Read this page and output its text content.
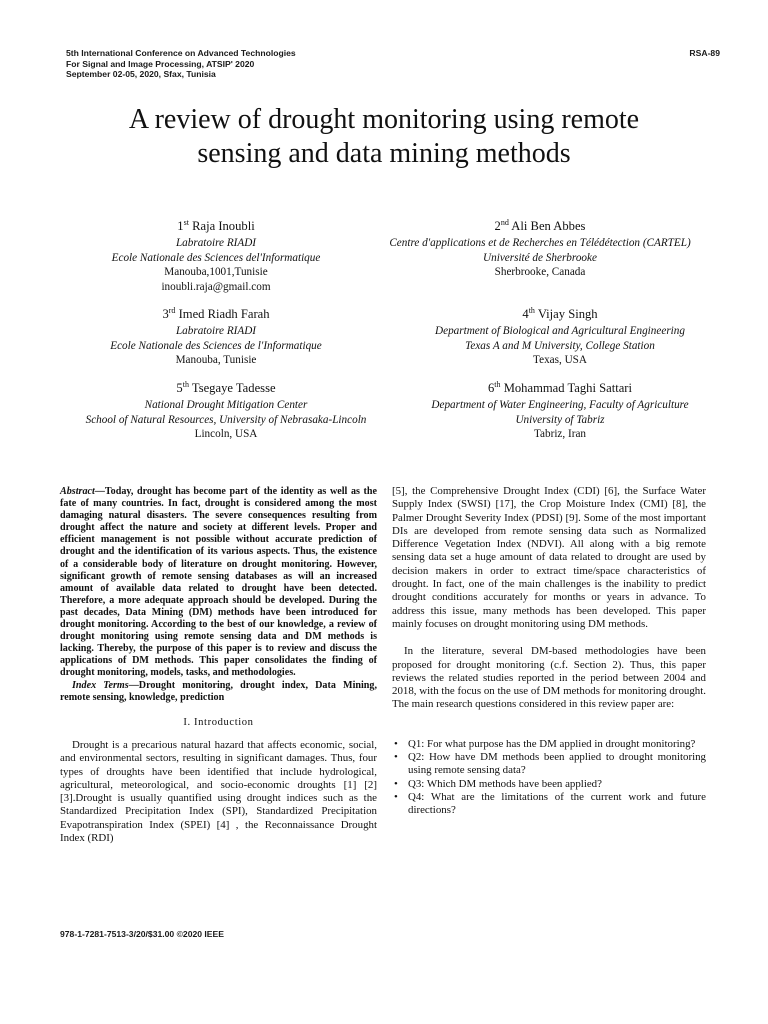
5th International Conference on Advanced Technologies
For Signal and Image Processing, ATSIP' 2020
September 02-05, 2020, Sfax, Tunisia
RSA-89
A review of drought monitoring using remote
sensing and data mining methods
1st Raja Inoubli
Labratoire RIADI
Ecole Nationale des Sciences del'Informatique
Manouba,1001,Tunisie
inoubli.raja@gmail.com
2nd Ali Ben Abbes
Centre d'applications et de Recherches en Télédétection (CARTEL)
Université de Sherbrooke
Sherbrooke, Canada
3rd Imed Riadh Farah
Labratoire RIADI
Ecole Nationale des Sciences de l'Informatique
Manouba, Tunisie
4th Vijay Singh
Department of Biological and Agricultural Engineering
Texas A and M University, College Station
Texas, USA
5th Tsegaye Tadesse
National Drought Mitigation Center
School of Natural Resources, University of Nebrasaka-Lincoln
Lincoln, USA
6th Mohammad Taghi Sattari
Department of Water Engineering, Faculty of Agriculture
University of Tabriz
Tabriz, Iran

Abstract—Today, drought has become part of the identity as well as the fate of many countries. In fact, drought is considered among the most damaging natural disasters. The severe consequences resulting from drought affect the nature and society at different levels. Proper and efficient management is not possible without accurate prediction of drought and the identification of its various aspects. Thus, the existence of a considerable body of literature on drought monitoring. However, significant growth of remote sensing databases as will an increased amount of available data related to drought have been detected. Therefore, a more adequate approach should be developed. During the past decades, Data Mining (DM) methods have been introduced for drought monitoring. According to the best of our knowledge, a review of drought monitoring using remote sensing data and DM methods is lacking. Thereby, the purpose of this paper is to review and discuss the applications of DM methods. This paper consolidates the finding of drought monitoring, models, tasks, and methodologies.

Index Terms—Drought monitoring, drought index, Data Mining, remote sensing, knowledge, prediction

I. Introduction

Drought is a precarious natural hazard that affects economic, social, and environmental sectors, resulting in significant damages. Thus, four types of droughts have been identified that include hydrological, agricultural, meteorological, and socio-economic droughts [1] [2] [3].Drought is usually quantified using drought indices such as the Standardized Precipitation Index (SPI), Standardized Precipitation Evapotranspiration Index (SPEI) [4] , the Reconnaissance Drought Index (RDI)

[5], the Comprehensive Drought Index (CDI) [6], the Surface Water Supply Index (SWSI) [17], the Crop Moisture Index (CMI) [8], the Palmer Drought Severity Index (PDSI) [9]. Some of the most important DIs are developed from remote sensing data such as Normalized Difference Vegetation Index (NDVI). All along with a big remote sensing data set a huge amount of data related to drought are used by decision makers in order to extract time/space characteristics of drought. In fact, one of the main challenges is the inability to predict drought conditions accurately for months or years in advance. To address this issue, many methods has been developed. This paper mainly focuses on drought monitoring using DM methods.

In the literature, several DM-based methodologies have been proposed for drought monitoring (c.f. Section 2). Thus, this paper reviews the related studies reported in the period between 2004 and 2018, with the focus on the use of DM methods for monitoring drought. The main research questions considered in this review paper are:

• Q1: For what purpose has the DM applied in drought monitoring?
• Q2: How have DM methods been applied to drought monitoring using remote sensing data?
• Q3: Which DM methods have been applied?
• Q4: What are the limitations of the current work and future directions?
978-1-7281-7513-3/20/$31.00 ©2020 IEEE
